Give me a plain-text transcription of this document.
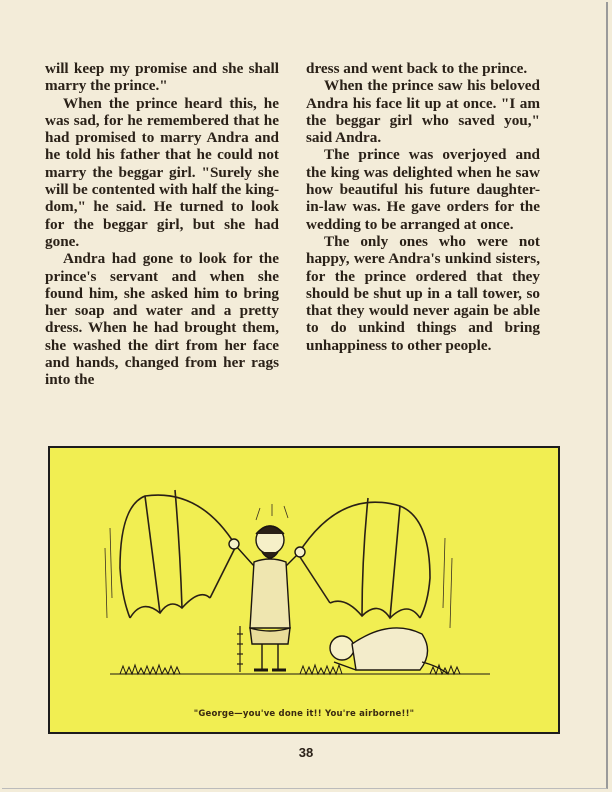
will keep my promise and she shall marry the prince."

When the prince heard this, he was sad, for he remembered that he had promised to marry Andra and he told his father that he could not marry the beggar girl. "Surely she will be contented with half the kingdom," he said. He turned to look for the beggar girl, but she had gone.

Andra had gone to look for the prince's servant and when she found him, she asked him to bring her soap and water and a pretty dress. When he had brought them, she washed the dirt from her face and hands, changed from her rags into the

dress and went back to the prince.

When the prince saw his beloved Andra his face lit up at once. "I am the beggar girl who saved you," said Andra.

The prince was overjoyed and the king was delighted when he saw how beautiful his future daughter-in-law was. He gave orders for the wedding to be arranged at once.

The only ones who were not happy, were Andra's unkind sisters, for the prince ordered that they should be shut up in a tall tower, so that they would never again be able to do unkind things and bring unhappiness to other people.

"George—you've done it!! You're airborne!!"
38
